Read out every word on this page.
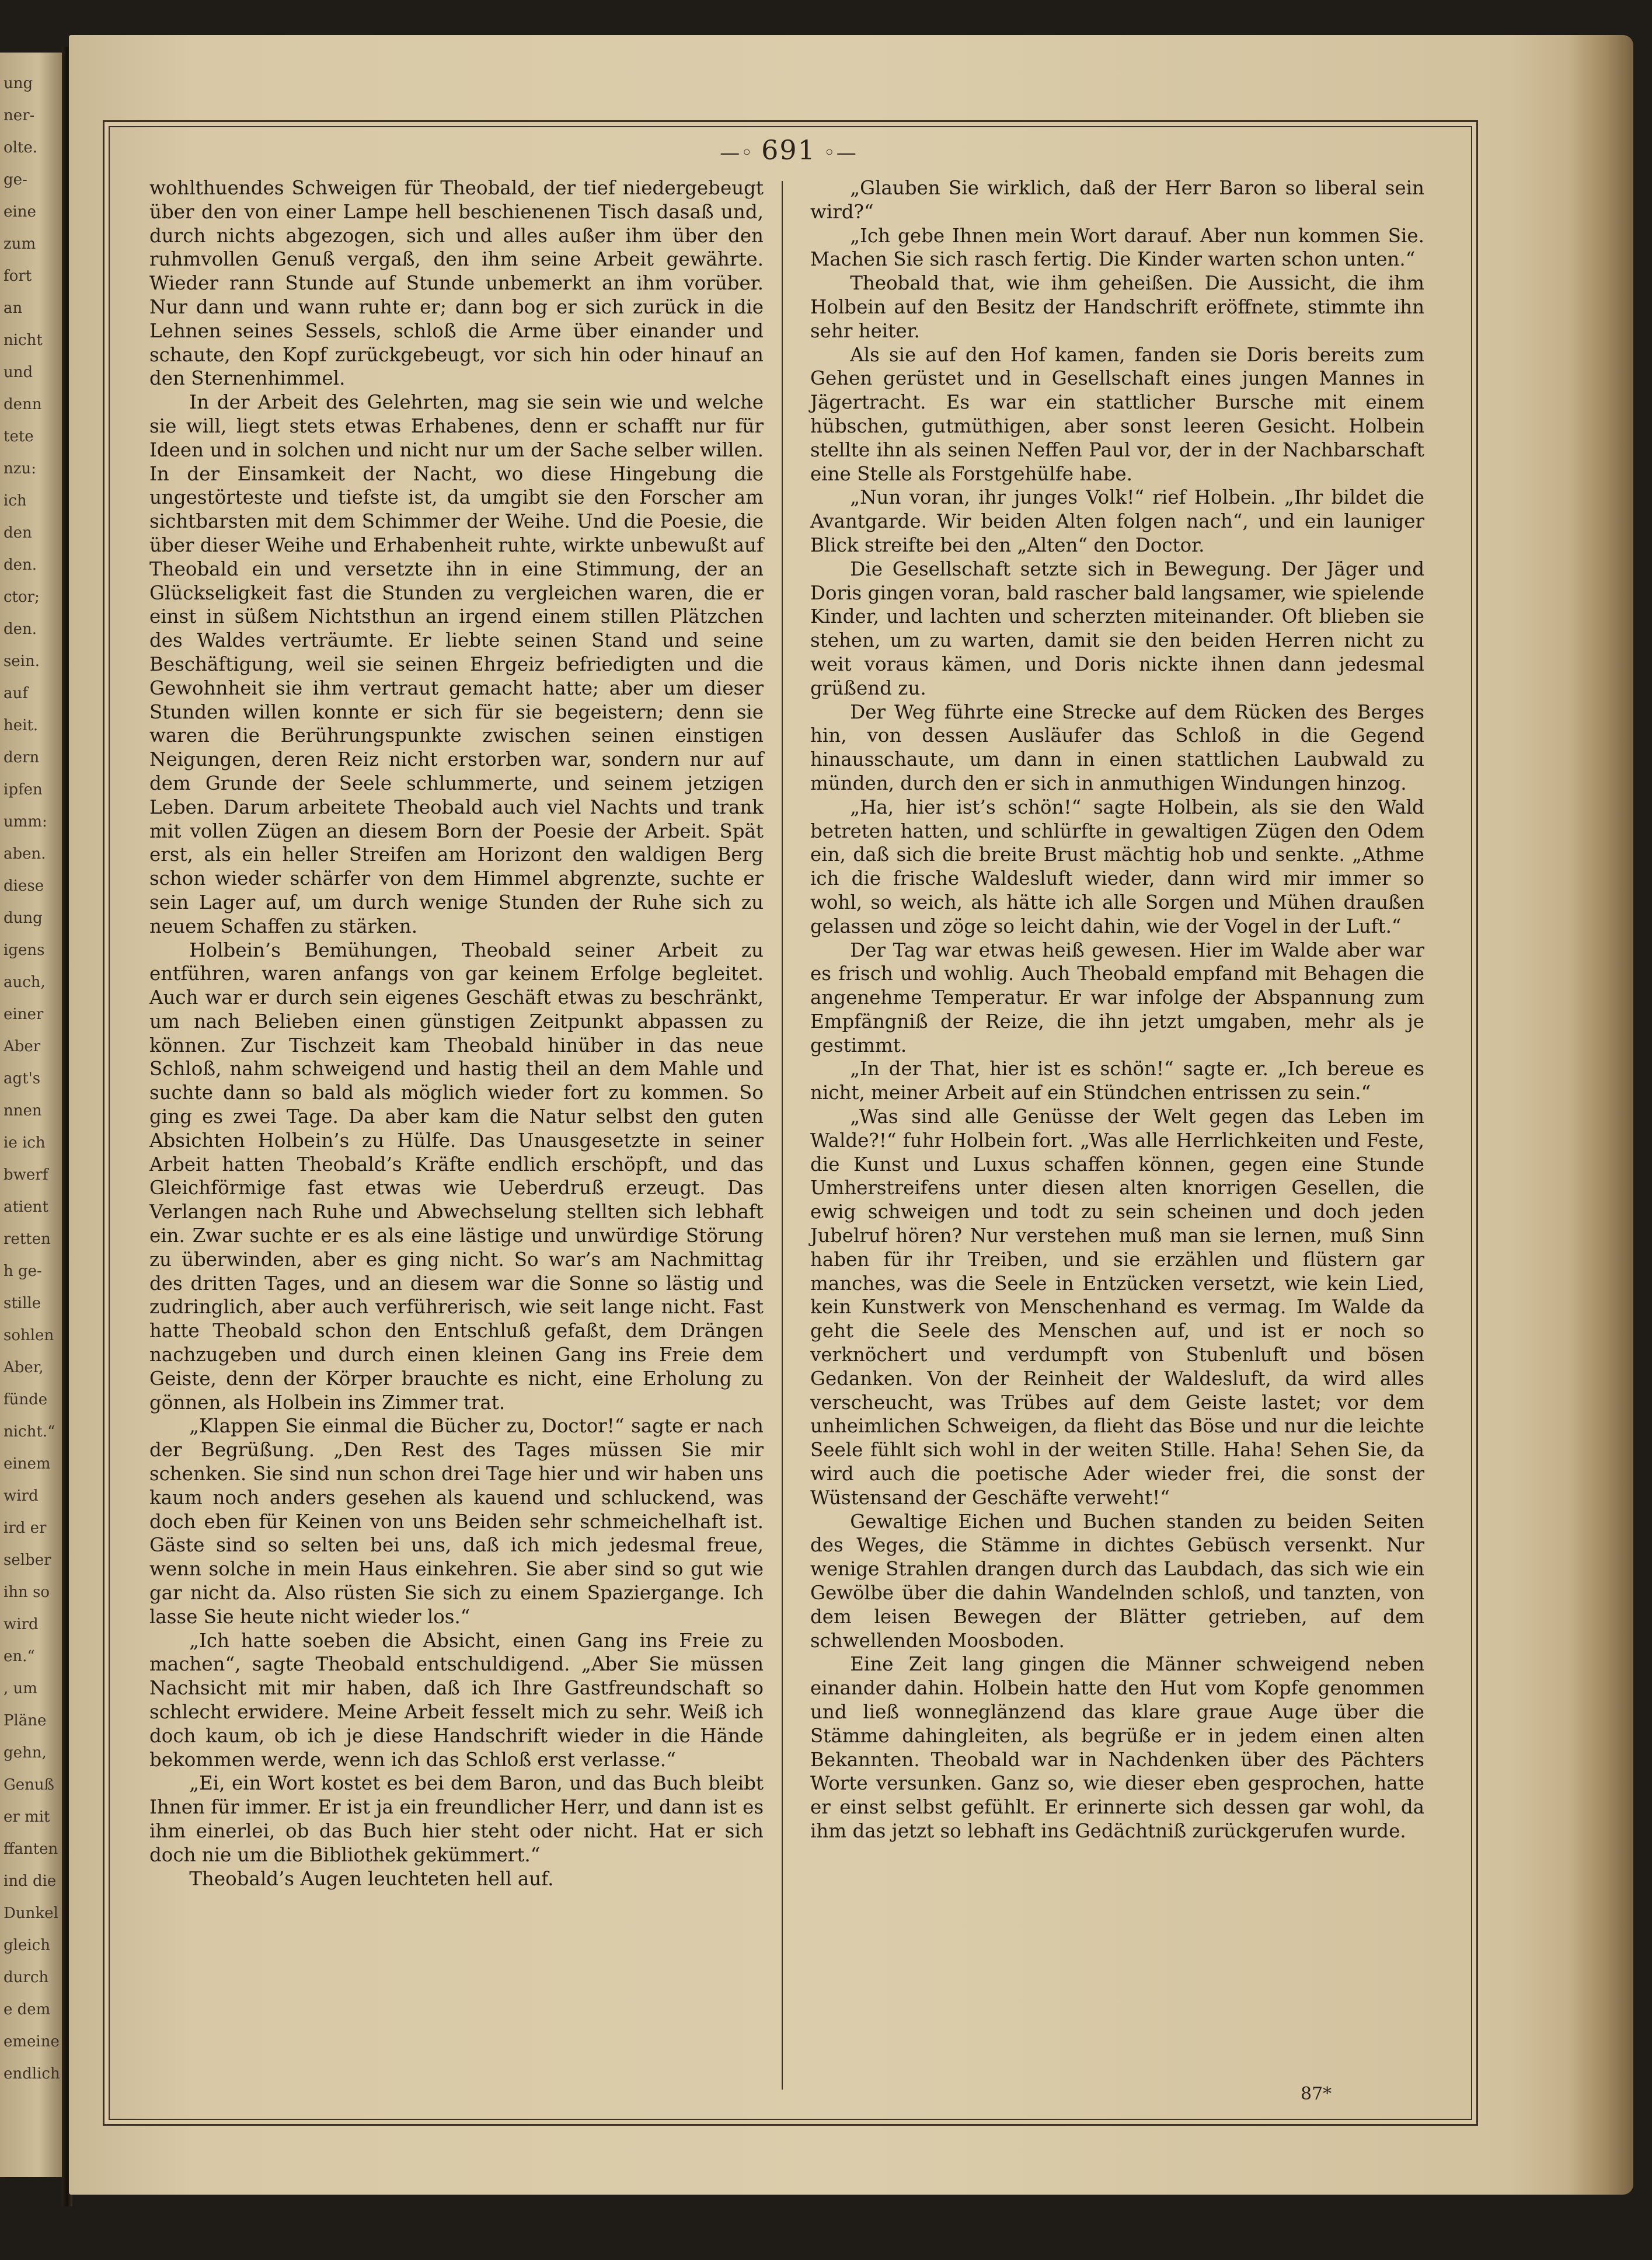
ung
ner-
olte.
ge-
eine
zum
fort
an
nicht
und
denn
tete
nzu:
ich
den
den.
ctor;
den.
sein.
auf
heit.
dern
ipfen
umm:
aben.
diese
dung
igens
auch,
einer
Aber
agt's
nnen
ie ich
bwerf
atient
retten
h ge-
stille
sohlen
Aber,
fünde
nicht.“
einem
wird
ird er
selber
ihn so
wird
en.“
, um
Pläne
gehn,
Genuß
er mit
ffanten
ind die
Dunkel
gleich
durch
e dem
emeine
endlich
—◦ 691 ◦—

wohlthuendes Schweigen für Theobald, der tief niedergebeugt über den von einer Lampe hell beschienenen Tisch dasaß und, durch nichts abgezogen, sich und alles außer ihm über den ruhmvollen Genuß vergaß, den ihm seine Arbeit gewährte. Wieder rann Stunde auf Stunde unbemerkt an ihm vorüber. Nur dann und wann ruhte er; dann bog er sich zurück in die Lehnen seines Sessels, schloß die Arme über einander und schaute, den Kopf zurückgebeugt, vor sich hin oder hinauf an den Sternenhimmel.

In der Arbeit des Gelehrten, mag sie sein wie und welche sie will, liegt stets etwas Erhabenes, denn er schafft nur für Ideen und in solchen und nicht nur um der Sache selber willen. In der Einsamkeit der Nacht, wo diese Hingebung die ungestörteste und tiefste ist, da umgibt sie den Forscher am sichtbarsten mit dem Schimmer der Weihe. Und die Poesie, die über dieser Weihe und Erhabenheit ruhte, wirkte unbewußt auf Theobald ein und versetzte ihn in eine Stimmung, der an Glückseligkeit fast die Stunden zu vergleichen waren, die er einst in süßem Nichtsthun an irgend einem stillen Plätzchen des Waldes verträumte. Er liebte seinen Stand und seine Beschäftigung, weil sie seinen Ehrgeiz befriedigten und die Gewohnheit sie ihm vertraut gemacht hatte; aber um dieser Stunden willen konnte er sich für sie begeistern; denn sie waren die Berührungspunkte zwischen seinen einstigen Neigungen, deren Reiz nicht erstorben war, sondern nur auf dem Grunde der Seele schlummerte, und seinem jetzigen Leben. Darum arbeitete Theobald auch viel Nachts und trank mit vollen Zügen an diesem Born der Poesie der Arbeit. Spät erst, als ein heller Streifen am Horizont den waldigen Berg schon wieder schärfer von dem Himmel abgrenzte, suchte er sein Lager auf, um durch wenige Stunden der Ruhe sich zu neuem Schaffen zu stärken.

Holbein’s Bemühungen, Theobald seiner Arbeit zu entführen, waren anfangs von gar keinem Erfolge begleitet. Auch war er durch sein eigenes Geschäft etwas zu beschränkt, um nach Belieben einen günstigen Zeitpunkt abpassen zu können. Zur Tischzeit kam Theobald hinüber in das neue Schloß, nahm schweigend und hastig theil an dem Mahle und suchte dann so bald als möglich wieder fort zu kommen. So ging es zwei Tage. Da aber kam die Natur selbst den guten Absichten Holbein’s zu Hülfe. Das Unausgesetzte in seiner Arbeit hatten Theobald’s Kräfte endlich erschöpft, und das Gleichförmige fast etwas wie Ueberdruß erzeugt. Das Verlangen nach Ruhe und Abwechselung stellten sich lebhaft ein. Zwar suchte er es als eine lästige und unwürdige Störung zu überwinden, aber es ging nicht. So war’s am Nachmittag des dritten Tages, und an diesem war die Sonne so lästig und zudringlich, aber auch verführerisch, wie seit lange nicht. Fast hatte Theobald schon den Entschluß gefaßt, dem Drängen nachzugeben und durch einen kleinen Gang ins Freie dem Geiste, denn der Körper brauchte es nicht, eine Erholung zu gönnen, als Holbein ins Zimmer trat.

„Klappen Sie einmal die Bücher zu, Doctor!“ sagte er nach der Begrüßung. „Den Rest des Tages müssen Sie mir schenken. Sie sind nun schon drei Tage hier und wir haben uns kaum noch anders gesehen als kauend und schluckend, was doch eben für Keinen von uns Beiden sehr schmeichelhaft ist. Gäste sind so selten bei uns, daß ich mich jedesmal freue, wenn solche in mein Haus einkehren. Sie aber sind so gut wie gar nicht da. Also rüsten Sie sich zu einem Spaziergange. Ich lasse Sie heute nicht wieder los.“

„Ich hatte soeben die Absicht, einen Gang ins Freie zu machen“, sagte Theobald entschuldigend. „Aber Sie müssen Nachsicht mit mir haben, daß ich Ihre Gastfreundschaft so schlecht erwidere. Meine Arbeit fesselt mich zu sehr. Weiß ich doch kaum, ob ich je diese Handschrift wieder in die Hände bekommen werde, wenn ich das Schloß erst verlasse.“

„Ei, ein Wort kostet es bei dem Baron, und das Buch bleibt Ihnen für immer. Er ist ja ein freundlicher Herr, und dann ist es ihm einerlei, ob das Buch hier steht oder nicht. Hat er sich doch nie um die Bibliothek gekümmert.“

Theobald’s Augen leuchteten hell auf.

„Glauben Sie wirklich, daß der Herr Baron so liberal sein wird?“

„Ich gebe Ihnen mein Wort darauf. Aber nun kommen Sie. Machen Sie sich rasch fertig. Die Kinder warten schon unten.“

Theobald that, wie ihm geheißen. Die Aussicht, die ihm Holbein auf den Besitz der Handschrift eröffnete, stimmte ihn sehr heiter.

Als sie auf den Hof kamen, fanden sie Doris bereits zum Gehen gerüstet und in Gesellschaft eines jungen Mannes in Jägertracht. Es war ein stattlicher Bursche mit einem hübschen, gutmüthigen, aber sonst leeren Gesicht. Holbein stellte ihn als seinen Neffen Paul vor, der in der Nachbarschaft eine Stelle als Forstgehülfe habe.

„Nun voran, ihr junges Volk!“ rief Holbein. „Ihr bildet die Avantgarde. Wir beiden Alten folgen nach“, und ein launiger Blick streifte bei den „Alten“ den Doctor.

Die Gesellschaft setzte sich in Bewegung. Der Jäger und Doris gingen voran, bald rascher bald langsamer, wie spielende Kinder, und lachten und scherzten miteinander. Oft blieben sie stehen, um zu warten, damit sie den beiden Herren nicht zu weit voraus kämen, und Doris nickte ihnen dann jedesmal grüßend zu.

Der Weg führte eine Strecke auf dem Rücken des Berges hin, von dessen Ausläufer das Schloß in die Gegend hinausschaute, um dann in einen stattlichen Laubwald zu münden, durch den er sich in anmuthigen Windungen hinzog.

„Ha, hier ist’s schön!“ sagte Holbein, als sie den Wald betreten hatten, und schlürfte in gewaltigen Zügen den Odem ein, daß sich die breite Brust mächtig hob und senkte. „Athme ich die frische Waldesluft wieder, dann wird mir immer so wohl, so weich, als hätte ich alle Sorgen und Mühen draußen gelassen und zöge so leicht dahin, wie der Vogel in der Luft.“

Der Tag war etwas heiß gewesen. Hier im Walde aber war es frisch und wohlig. Auch Theobald empfand mit Behagen die angenehme Temperatur. Er war infolge der Abspannung zum Empfängniß der Reize, die ihn jetzt umgaben, mehr als je gestimmt.

„In der That, hier ist es schön!“ sagte er. „Ich bereue es nicht, meiner Arbeit auf ein Stündchen entrissen zu sein.“

„Was sind alle Genüsse der Welt gegen das Leben im Walde?!“ fuhr Holbein fort. „Was alle Herrlichkeiten und Feste, die Kunst und Luxus schaffen können, gegen eine Stunde Umherstreifens unter diesen alten knorrigen Gesellen, die ewig schweigen und todt zu sein scheinen und doch jeden Jubelruf hören? Nur verstehen muß man sie lernen, muß Sinn haben für ihr Treiben, und sie erzählen und flüstern gar manches, was die Seele in Entzücken versetzt, wie kein Lied, kein Kunstwerk von Menschenhand es vermag. Im Walde da geht die Seele des Menschen auf, und ist er noch so verknöchert und verdumpft von Stubenluft und bösen Gedanken. Von der Reinheit der Waldesluft, da wird alles verscheucht, was Trübes auf dem Geiste lastet; vor dem unheimlichen Schweigen, da flieht das Böse und nur die leichte Seele fühlt sich wohl in der weiten Stille. Haha! Sehen Sie, da wird auch die poetische Ader wieder frei, die sonst der Wüstensand der Geschäfte verweht!“

Gewaltige Eichen und Buchen standen zu beiden Seiten des Weges, die Stämme in dichtes Gebüsch versenkt. Nur wenige Strahlen drangen durch das Laubdach, das sich wie ein Gewölbe über die dahin Wandelnden schloß, und tanzten, von dem leisen Bewegen der Blätter getrieben, auf dem schwellenden Moosboden.

Eine Zeit lang gingen die Männer schweigend neben einander dahin. Holbein hatte den Hut vom Kopfe genommen und ließ wonneglänzend das klare graue Auge über die Stämme dahingleiten, als begrüße er in jedem einen alten Bekannten. Theobald war in Nachdenken über des Pächters Worte versunken. Ganz so, wie dieser eben gesprochen, hatte er einst selbst gefühlt. Er erinnerte sich dessen gar wohl, da ihm das jetzt so lebhaft ins Gedächtniß zurückgerufen wurde.

87*
